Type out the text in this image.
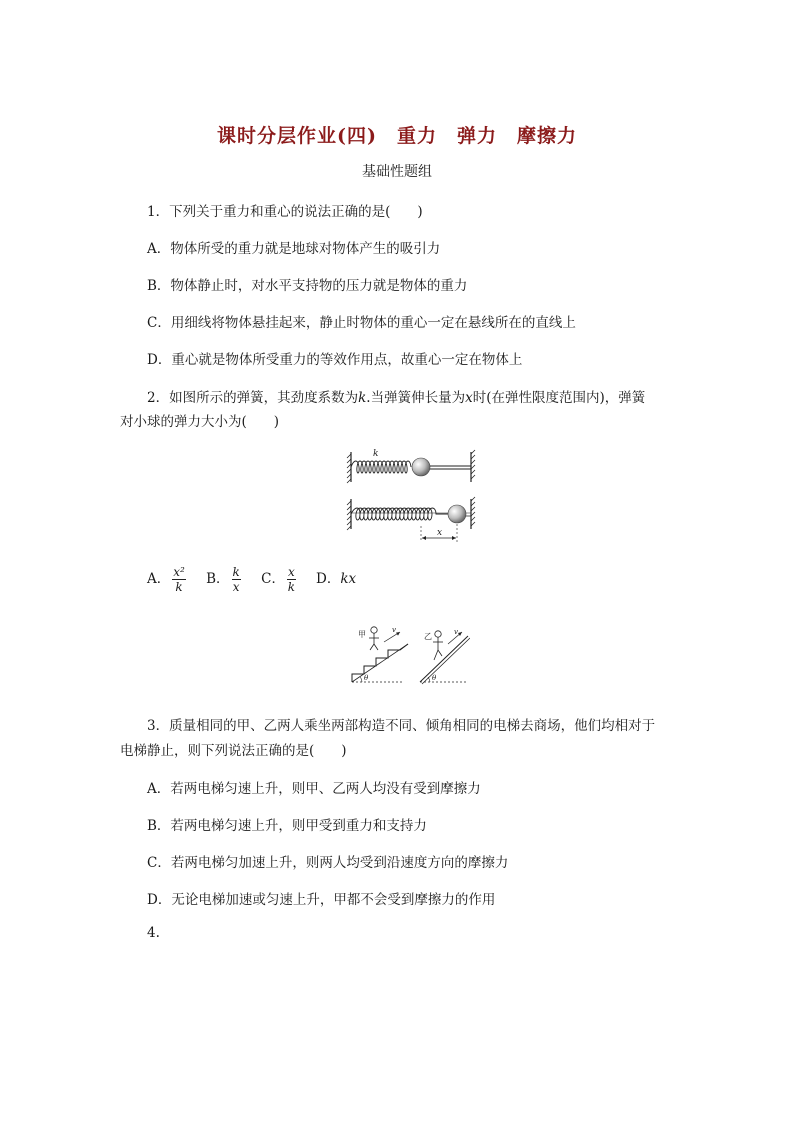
课时分层作业(四)　重力　弹力　摩擦力
基础性题组
1．下列关于重力和重心的说法正确的是(　　)
A．物体所受的重力就是地球对物体产生的吸引力
B．物体静止时，对水平支持物的压力就是物体的重力
C．用细线将物体悬挂起来，静止时物体的重心一定在悬线所在的直线上
D．重心就是物体所受重力的等效作用点，故重心一定在物体上
2．如图所示的弹簧，其劲度系数为k.当弹簧伸长量为x时(在弹性限度范围内)，弹簧
对小球的弹力大小为(　　)
k
x
A． $\frac{\text{x²}}{k}$ B． $\frac{k}{x}$ C． $\frac{x}{k}$ D．kx
θ
甲	v
θ
乙	v
3．质量相同的甲、乙两人乘坐两部构造不同、倾角相同的电梯去商场，他们均相对于
电梯静止，则下列说法正确的是(　　)
A．若两电梯匀速上升，则甲、乙两人均没有受到摩擦力
B．若两电梯匀速上升，则甲受到重力和支持力
C．若两电梯匀加速上升，则两人均受到沿速度方向的摩擦力
D．无论电梯加速或匀速上升，甲都不会受到摩擦力的作用
4.
